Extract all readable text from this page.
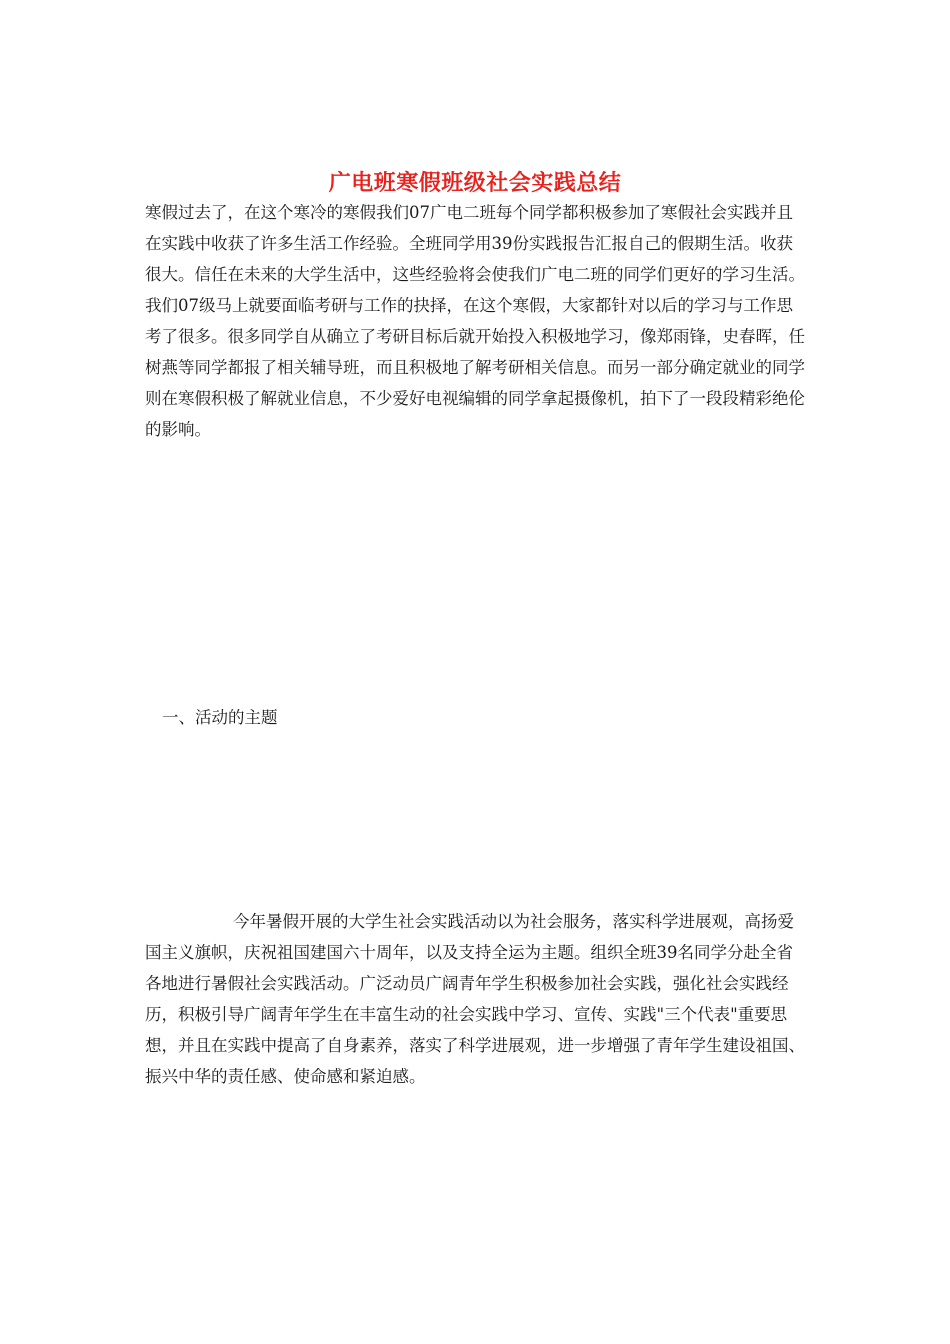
广电班寒假班级社会实践总结

寒假过去了，在这个寒冷的寒假我们07广电二班每个同学都积极参加了寒假社会实践并且在实践中收获了许多生活工作经验。全班同学用39份实践报告汇报自己的假期生活。收获很大。信任在未来的大学生活中，这些经验将会使我们广电二班的同学们更好的学习生活。我们07级马上就要面临考研与工作的抉择，在这个寒假，大家都针对以后的学习与工作思考了很多。很多同学自从确立了考研目标后就开始投入积极地学习，像郑雨锋，史春晖，任树燕等同学都报了相关辅导班，而且积极地了解考研相关信息。而另一部分确定就业的同学则在寒假积极了解就业信息，不少爱好电视编辑的同学拿起摄像机，拍下了一段段精彩绝伦的影响。

一、活动的主题

今年暑假开展的大学生社会实践活动以为社会服务，落实科学进展观，高扬爱国主义旗帜，庆祝祖国建国六十周年，以及支持全运为主题。组织全班39名同学分赴全省各地进行暑假社会实践活动。广泛动员广阔青年学生积极参加社会实践，强化社会实践经历，积极引导广阔青年学生在丰富生动的社会实践中学习、宣传、实践"三个代表"重要思想，并且在实践中提高了自身素养，落实了科学进展观，进一步增强了青年学生建设祖国、振兴中华的责任感、使命感和紧迫感。
